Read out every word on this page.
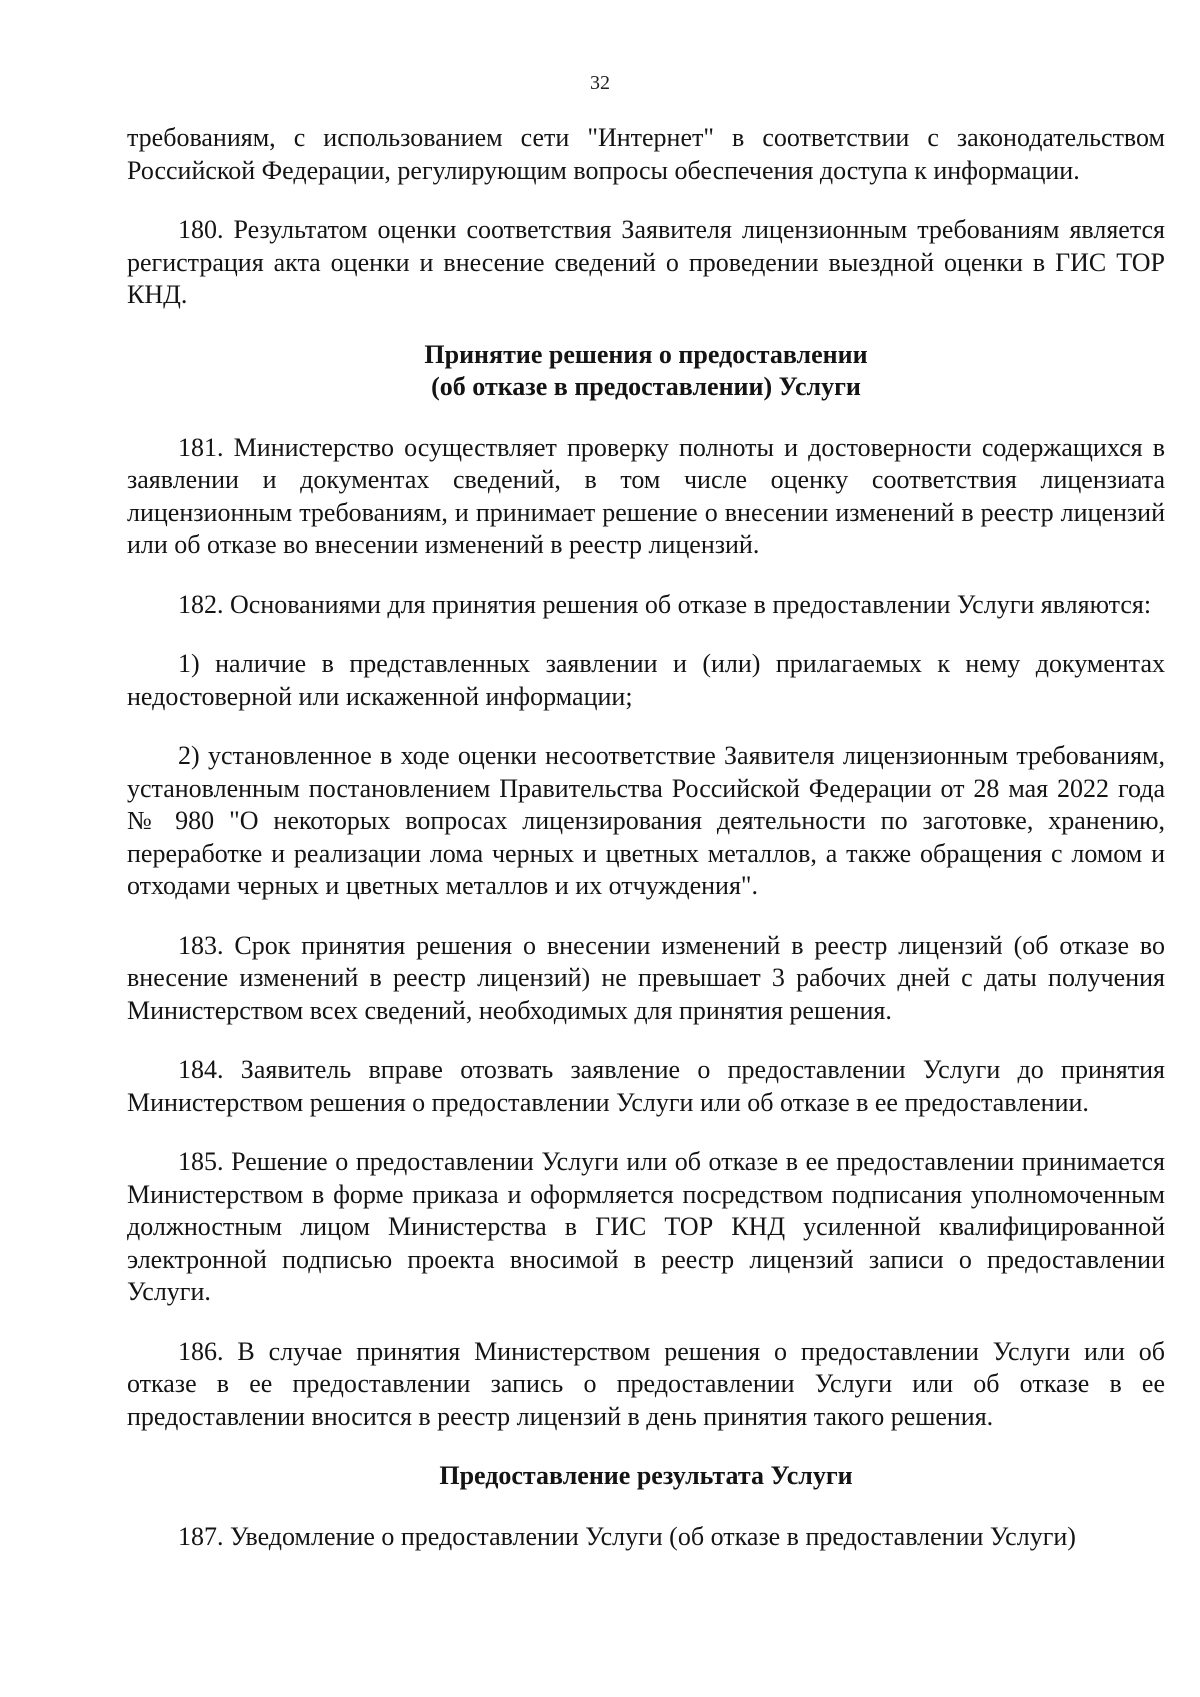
32

требованиям, с использованием сети "Интернет" в соответствии с законодательством Российской Федерации, регулирующим вопросы обеспечения доступа к информации.

180. Результатом оценки соответствия Заявителя лицензионным требованиям является регистрация акта оценки и внесение сведений о проведении выездной оценки в ГИС ТОР КНД.

Принятие решения о предоставлении
(об отказе в предоставлении) Услуги

181. Министерство осуществляет проверку полноты и достоверности содержащихся в заявлении и документах сведений, в том числе оценку соответствия лицензиата лицензионным требованиям, и принимает решение о внесении изменений в реестр лицензий или об отказе во внесении изменений в реестр лицензий.

182. Основаниями для принятия решения об отказе в предоставлении Услуги являются:

1) наличие в представленных заявлении и (или) прилагаемых к нему документах недостоверной или искаженной информации;

2) установленное в ходе оценки несоответствие Заявителя лицензионным требованиям, установленным постановлением Правительства Российской Федерации от 28 мая 2022 года № 980 "О некоторых вопросах лицензирования деятельности по заготовке, хранению, переработке и реализации лома черных и цветных металлов, а также обращения с ломом и отходами черных и цветных металлов и их отчуждения".

183. Срок принятия решения о внесении изменений в реестр лицензий (об отказе во внесение изменений в реестр лицензий) не превышает 3 рабочих дней с даты получения Министерством всех сведений, необходимых для принятия решения.

184. Заявитель вправе отозвать заявление о предоставлении Услуги до принятия Министерством решения о предоставлении Услуги или об отказе в ее предоставлении.

185. Решение о предоставлении Услуги или об отказе в ее предоставлении принимается Министерством в форме приказа и оформляется посредством подписания уполномоченным должностным лицом Министерства в ГИС ТОР КНД усиленной квалифицированной электронной подписью проекта вносимой в реестр лицензий записи о предоставлении Услуги.

186. В случае принятия Министерством решения о предоставлении Услуги или об отказе в ее предоставлении запись о предоставлении Услуги или об отказе в ее предоставлении вносится в реестр лицензий в день принятия такого решения.

Предоставление результата Услуги

187. Уведомление о предоставлении Услуги (об отказе в предоставлении Услуги)
